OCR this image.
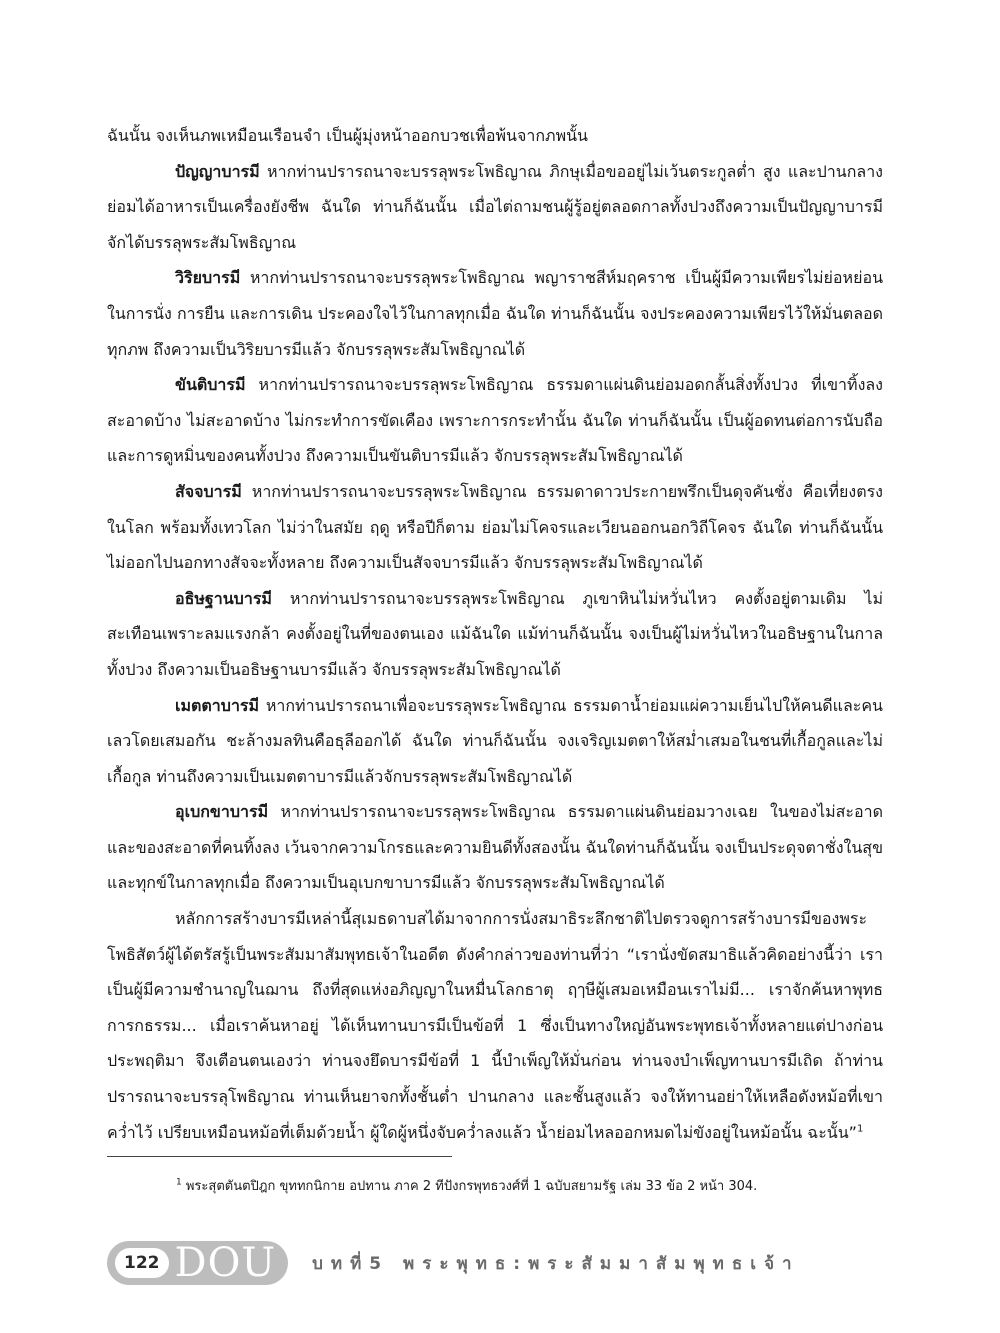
ฉันนั้น จงเห็นภพเหมือนเรือนจำ เป็นผู้มุ่งหน้าออกบวชเพื่อพ้นจากภพนั้น

ปัญญาบารมี หากท่านปรารถนาจะบรรลุพระโพธิญาณ ภิกษุเมื่อขออยู่ไม่เว้นตระกูลต่ำ สูง และปานกลาง ย่อมได้อาหารเป็นเครื่องยังชีพ ฉันใด ท่านก็ฉันนั้น เมื่อไต่ถามชนผู้รู้อยู่ตลอดกาลทั้งปวงถึงความเป็นปัญญาบารมี จักได้บรรลุพระสัมโพธิญาณ

วิริยบารมี หากท่านปรารถนาจะบรรลุพระโพธิญาณ พญาราชสีห์มฤคราช เป็นผู้มีความเพียรไม่ย่อหย่อนในการนั่ง การยืน และการเดิน ประคองใจไว้ในกาลทุกเมื่อ ฉันใด ท่านก็ฉันนั้น จงประคองความเพียรไว้ให้มั่นตลอดทุกภพ ถึงความเป็นวิริยบารมีแล้ว จักบรรลุพระสัมโพธิญาณได้

ขันติบารมี หากท่านปรารถนาจะบรรลุพระโพธิญาณ ธรรมดาแผ่นดินย่อมอดกลั้นสิ่งทั้งปวง ที่เขาทิ้งลงสะอาดบ้าง ไม่สะอาดบ้าง ไม่กระทำการขัดเคือง เพราะการกระทำนั้น ฉันใด ท่านก็ฉันนั้น เป็นผู้อดทนต่อการนับถือและการดูหมิ่นของคนทั้งปวง ถึงความเป็นขันติบารมีแล้ว จักบรรลุพระสัมโพธิญาณได้

สัจจบารมี หากท่านปรารถนาจะบรรลุพระโพธิญาณ ธรรมดาดาวประกายพรึกเป็นดุจคันชั่ง คือเที่ยงตรงในโลก พร้อมทั้งเทวโลก ไม่ว่าในสมัย ฤดู หรือปีก็ตาม ย่อมไม่โคจรและเวียนออกนอกวิถีโคจร ฉันใด ท่านก็ฉันนั้น ไม่ออกไปนอกทางสัจจะทั้งหลาย ถึงความเป็นสัจจบารมีแล้ว จักบรรลุพระสัมโพธิญาณได้

อธิษฐานบารมี หากท่านปรารถนาจะบรรลุพระโพธิญาณ ภูเขาหินไม่หวั่นไหว คงตั้งอยู่ตามเดิม ไม่สะเทือนเพราะลมแรงกล้า คงตั้งอยู่ในที่ของตนเอง แม้ฉันใด แม้ท่านก็ฉันนั้น จงเป็นผู้ไม่หวั่นไหวในอธิษฐานในกาลทั้งปวง ถึงความเป็นอธิษฐานบารมีแล้ว จักบรรลุพระสัมโพธิญาณได้

เมตตาบารมี หากท่านปรารถนาเพื่อจะบรรลุพระโพธิญาณ ธรรมดาน้ำย่อมแผ่ความเย็นไปให้คนดีและคนเลวโดยเสมอกัน ชะล้างมลทินคือธุลีออกได้ ฉันใด ท่านก็ฉันนั้น จงเจริญเมตตาให้สม่ำเสมอในชนที่เกื้อกูลและไม่เกื้อกูล ท่านถึงความเป็นเมตตาบารมีแล้วจักบรรลุพระสัมโพธิญาณได้

อุเบกขาบารมี หากท่านปรารถนาจะบรรลุพระโพธิญาณ ธรรมดาแผ่นดินย่อมวางเฉย ในของไม่สะอาดและของสะอาดที่คนทิ้งลง เว้นจากความโกรธและความยินดีทั้งสองนั้น ฉันใดท่านก็ฉันนั้น จงเป็นประดุจตาชั่งในสุขและทุกข์ในกาลทุกเมื่อ ถึงความเป็นอุเบกขาบารมีแล้ว จักบรรลุพระสัมโพธิญาณได้

หลักการสร้างบารมีเหล่านี้สุเมธดาบสได้มาจากการนั่งสมาธิระลึกชาติไปตรวจดูการสร้างบารมีของพระโพธิสัตว์ผู้ได้ตรัสรู้เป็นพระสัมมาสัมพุทธเจ้าในอดีต ดังคำกล่าวของท่านที่ว่า “เรานั่งขัดสมาธิแล้วคิดอย่างนี้ว่า เราเป็นผู้มีความชำนาญในฌาน ถึงที่สุดแห่งอภิญญาในหมื่นโลกธาตุ ฤๅษีผู้เสมอเหมือนเราไม่มี... เราจักค้นหาพุทธการกธรรม... เมื่อเราค้นหาอยู่ ได้เห็นทานบารมีเป็นข้อที่ 1 ซึ่งเป็นทางใหญ่อันพระพุทธเจ้าทั้งหลายแต่ปางก่อนประพฤติมา จึงเตือนตนเองว่า ท่านจงยึดบารมีข้อที่ 1 นี้บำเพ็ญให้มั่นก่อน ท่านจงบำเพ็ญทานบารมีเถิด ถ้าท่านปรารถนาจะบรรลุโพธิญาณ ท่านเห็นยาจกทั้งชั้นต่ำ ปานกลาง และชั้นสูงแล้ว จงให้ทานอย่าให้เหลือดังหม้อที่เขาคว่ำไว้ เปรียบเหมือนหม้อที่เต็มด้วยน้ำ ผู้ใดผู้หนึ่งจับคว่ำลงแล้ว น้ำย่อมไหลออกหมดไม่ขังอยู่ในหม้อนั้น ฉะนั้น”$^1$

$^1$ พระสุตตันตปิฎก ขุททกนิกาย อปทาน ภาค 2 ทีปังกรพุทธวงศ์ที่ 1 ฉบับสยามรัฐ เล่ม 33 ข้อ 2 หน้า 304.
122 DOU บทที่5 พระพุทธ:พระสัมมาสัมพุทธเจ้า
